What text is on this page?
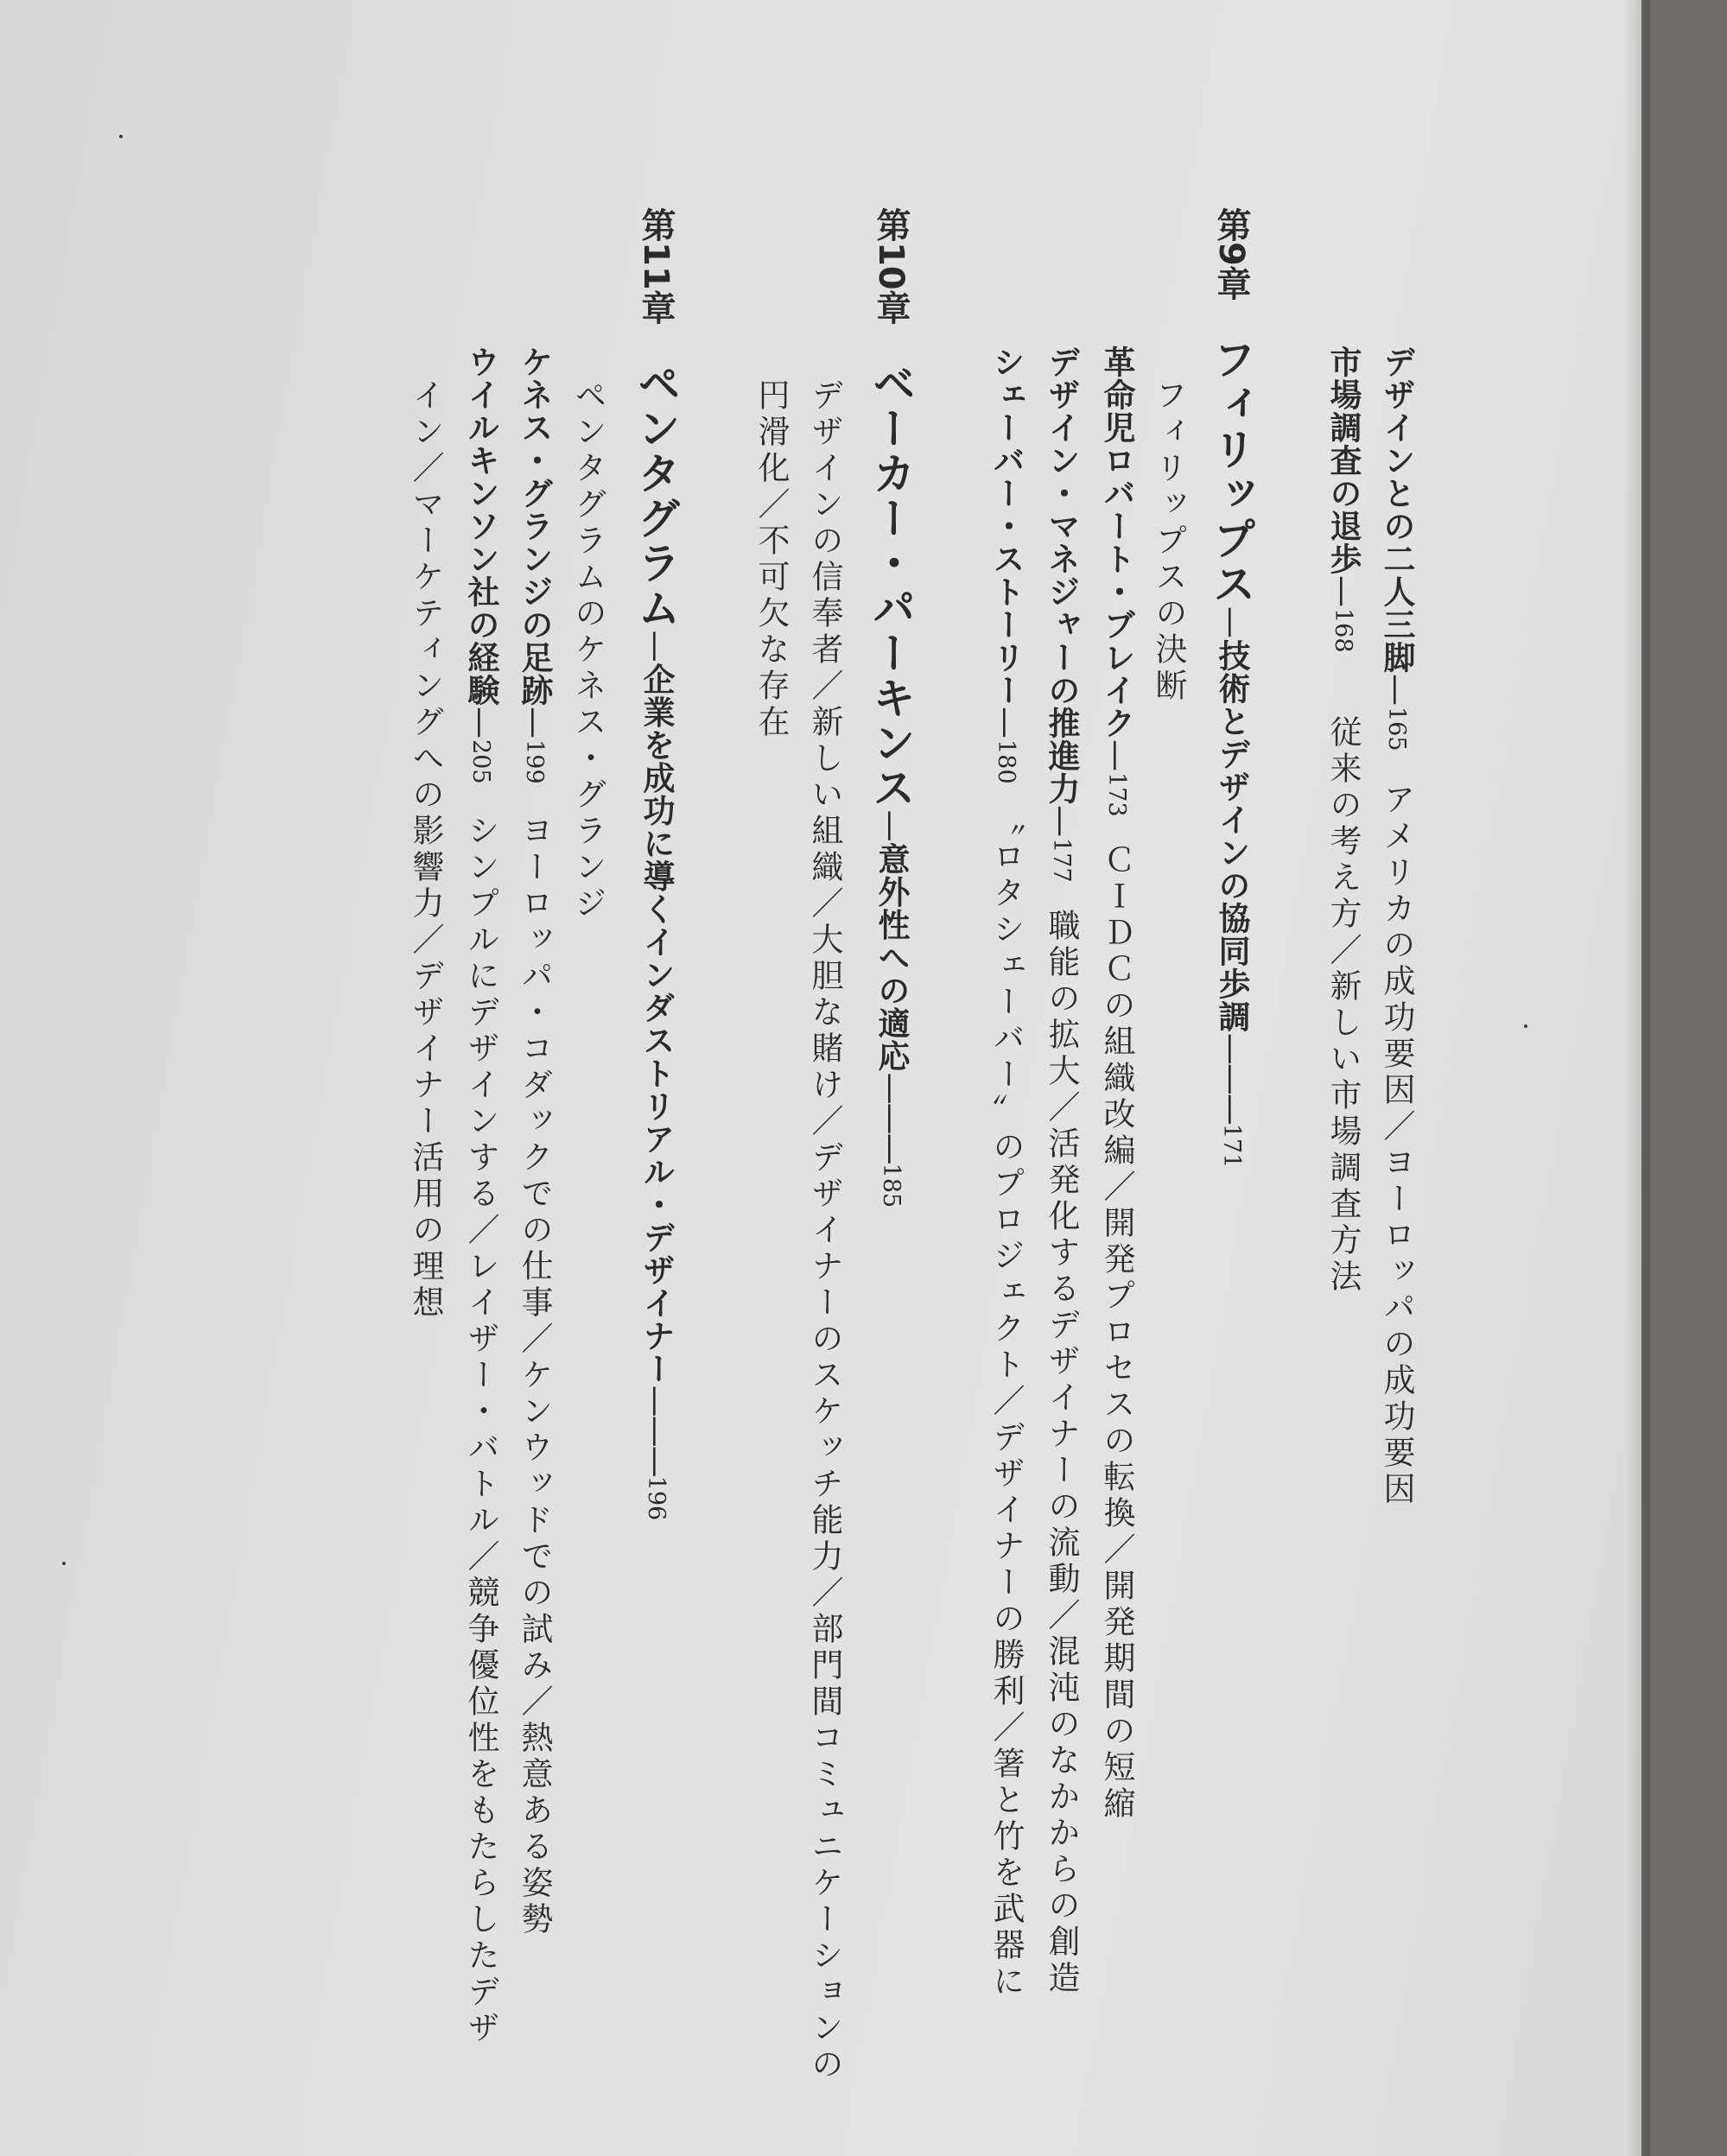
デザインとの二人三脚—165アメリカの成功要因／ヨーロッパの成功要因

市場調査の退歩—168従来の考え方／新しい市場調査方法

第9章フィリップス—技術とデザインの協同歩調———171

フィリップスの決断

革命児ロバート・ブレイク—173ＣＩＤＣの組織改編／開発プロセスの転換／開発期間の短縮

デザイン・マネジャーの推進力—177職能の拡大／活発化するデザイナーの流動／混沌のなかからの創造

シェーバー・ストーリー—180〝ロタシェーバー〟のプロジェクト／デザイナーの勝利／箸と竹を武器に

第10章ベーカー・パーキンス—意外性への適応———185

デザインの信奉者／新しい組織／大胆な賭け／デザイナーのスケッチ能力／部門間コミュニケーションの

円滑化／不可欠な存在

第11章ペンタグラム—企業を成功に導くインダストリアル・デザイナー———196

ペンタグラムのケネス・グランジ

ケネス・グランジの足跡—199ヨーロッパ・コダックでの仕事／ケンウッドでの試み／熱意ある姿勢

ウイルキンソン社の経験—205シンプルにデザインする／レイザー・バトル／競争優位性をもたらしたデザ

イン／マーケティングへの影響力／デザイナー活用の理想
